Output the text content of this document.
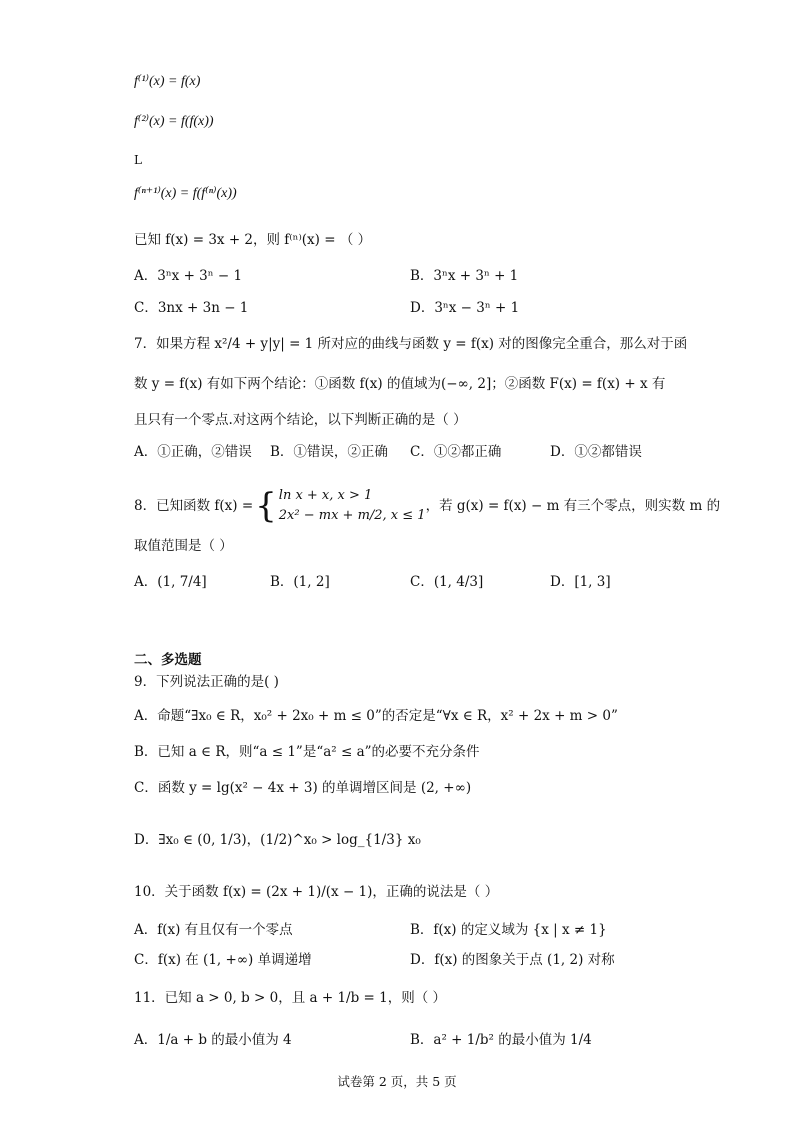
f⁽¹⁾(x) = f(x)
f⁽²⁾(x) = f(f(x))
L
f⁽ⁿ⁺¹⁾(x) = f(f⁽ⁿ⁾(x))
已知 f(x) = 3x + 2，则 f⁽ⁿ⁾(x) = （ ）
A．3ⁿx + 3ⁿ − 1	B．3ⁿx + 3ⁿ + 1
C．3nx + 3n − 1	D．3ⁿx − 3ⁿ + 1
7．如果方程 x²/4 + y|y| = 1 所对应的曲线与函数 y = f(x) 对的图像完全重合，那么对于函
数 y = f(x) 有如下两个结论：①函数 f(x) 的值域为(−∞, 2]；②函数 F(x) = f(x) + x 有
且只有一个零点.对这两个结论，以下判断正确的是（ ）
A．①正确，②错误 B．①错误，②正确 C．①②都正确	D．①②都错误
8．已知函数 f(x) = { ln x + x, x > 1
2x² − mx + m/2, x ≤ 1
，若 g(x) = f(x) − m 有三个零点，则实数 m 的
取值范围是（ ）
A．(1, 7/4]	B．(1, 2]	C．(1, 4/3]	D．[1, 3]
二、多选题
9．下列说法正确的是( )
A．命题“∃x₀ ∈ R，x₀² + 2x₀ + m ≤ 0”的否定是“∀x ∈ R，x² + 2x + m > 0”
B．已知 a ∈ R，则“a ≤ 1”是“a² ≤ a”的必要不充分条件
C．函数 y = lg(x² − 4x + 3) 的单调增区间是 (2, +∞)
D．∃x₀ ∈ (0, 1/3)，(1/2)^x₀ > log_{1/3} x₀
10．关于函数 f(x) = (2x + 1)/(x − 1)，正确的说法是（ ）
A．f(x) 有且仅有一个零点	B．f(x) 的定义域为 {x | x ≠ 1}
C．f(x) 在 (1, +∞) 单调递增	D．f(x) 的图象关于点 (1, 2) 对称
11．已知 a > 0, b > 0，且 a + 1/b = 1，则（ ）
A．1/a + b 的最小值为 4	B．a² + 1/b² 的最小值为 1/4
试卷第 2 页，共 5 页
